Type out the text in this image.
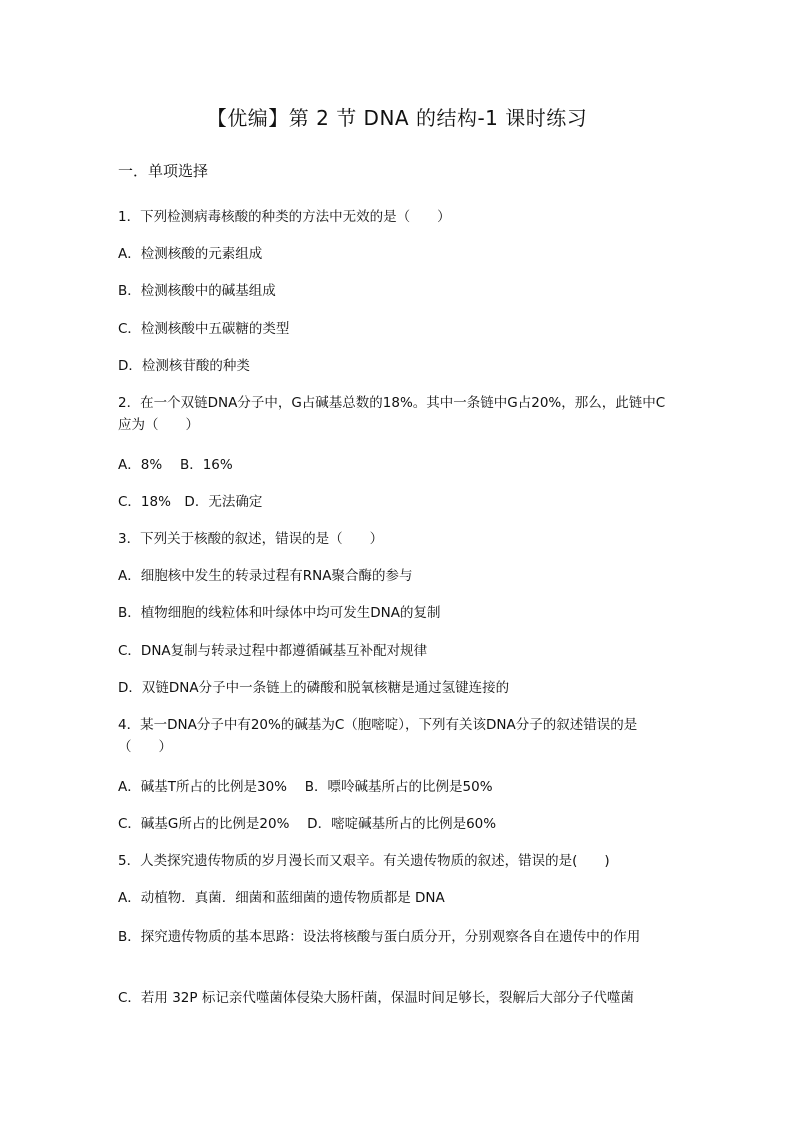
【优编】第 2 节 DNA 的结构-1 课时练习
一．单项选择
1．下列检测病毒核酸的种类的方法中无效的是（　　）
A．检测核酸的元素组成
B．检测核酸中的碱基组成
C．检测核酸中五碳糖的类型
D．检测核苷酸的种类
2．在一个双链DNA分子中，G占碱基总数的18%。其中一条链中G占20%，那么，此链中C应为（　　）
A．8%　 B．16%
C．18%　D．无法确定
3．下列关于核酸的叙述，错误的是（　　）
A．细胞核中发生的转录过程有RNA聚合酶的参与
B．植物细胞的线粒体和叶绿体中均可发生DNA的复制
C．DNA复制与转录过程中都遵循碱基互补配对规律
D．双链DNA分子中一条链上的磷酸和脱氧核糖是通过氢键连接的
4．某一DNA分子中有20%的碱基为C（胞嘧啶），下列有关该DNA分子的叙述错误的是（　　）
A．碱基T所占的比例是30%　 B．嘌呤碱基所占的比例是50%
C．碱基G所占的比例是20%　 D．嘧啶碱基所占的比例是60%
5．人类探究遗传物质的岁月漫长而又艰辛。有关遗传物质的叙述，错误的是(　　)
A．动植物．真菌．细菌和蓝细菌的遗传物质都是 DNA
B．探究遗传物质的基本思路：设法将核酸与蛋白质分开，分别观察各自在遗传中的作用
C．若用 32P 标记亲代噬菌体侵染大肠杆菌，保温时间足够长，裂解后大部分子代噬菌
